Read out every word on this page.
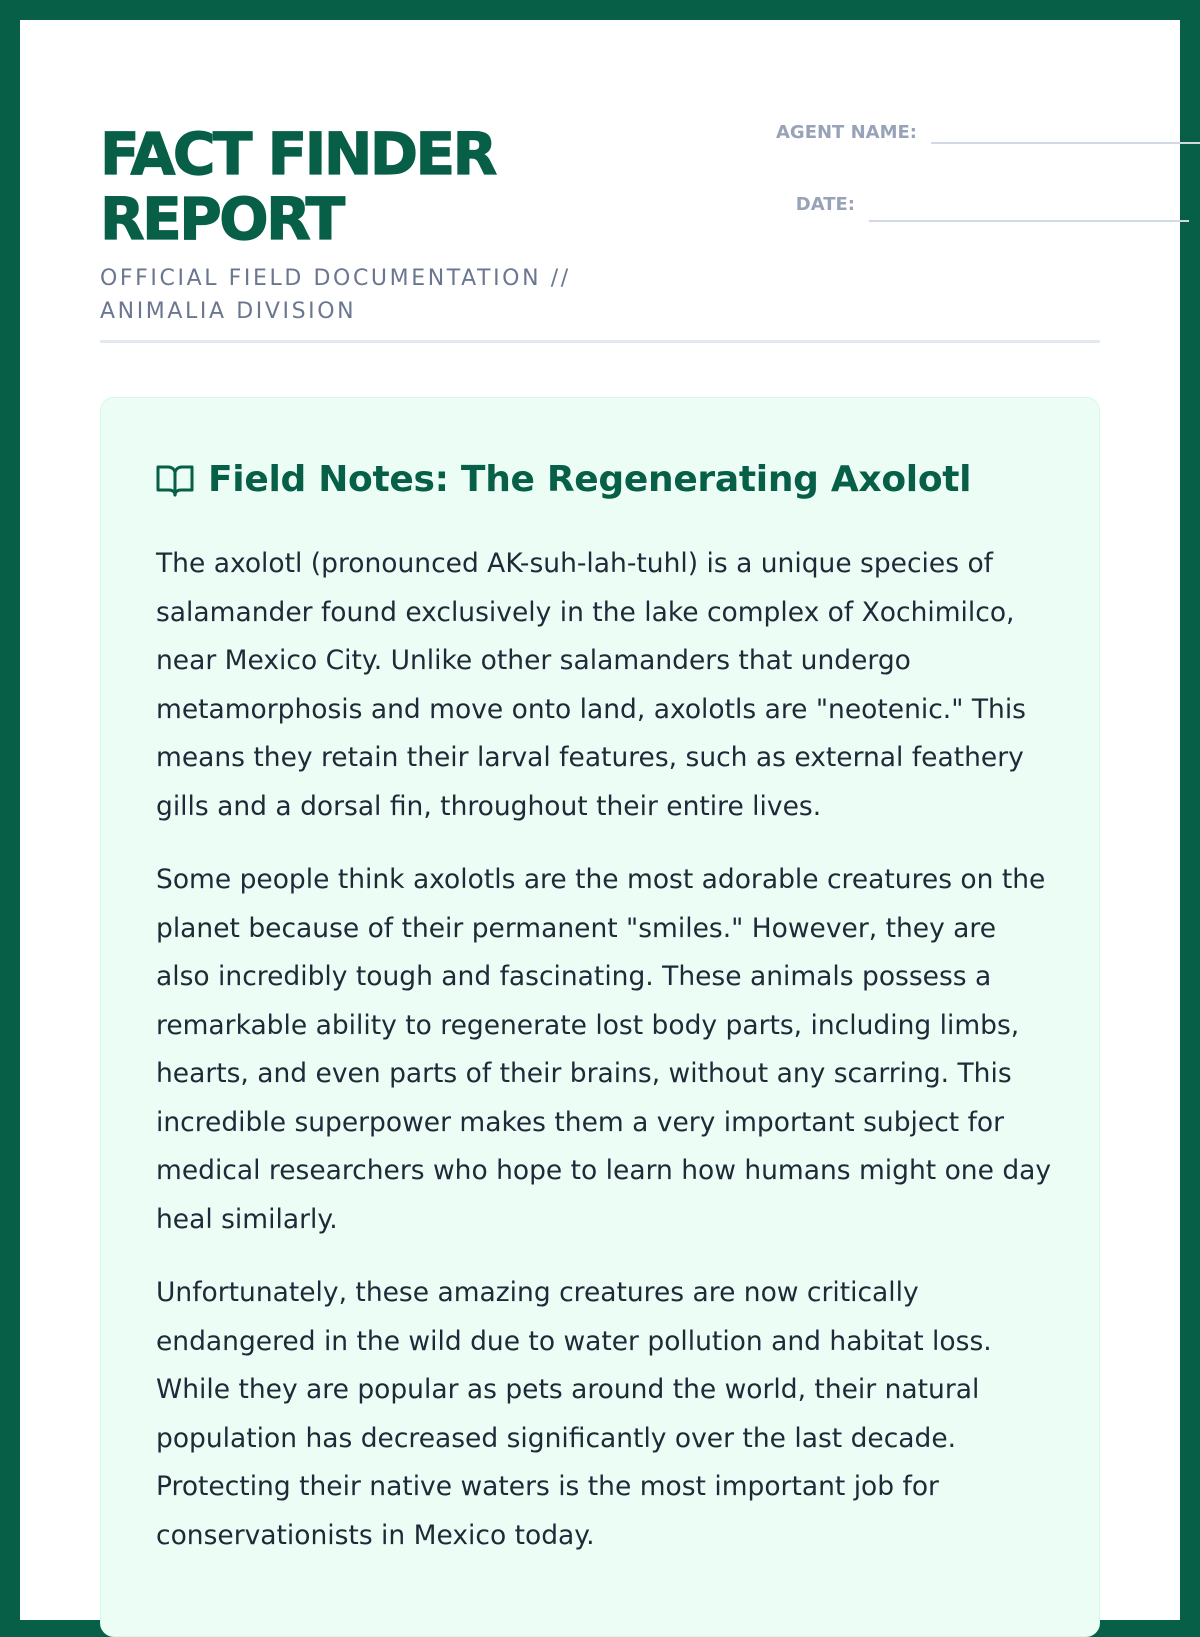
FACT FINDER REPORT

OFFICIAL FIELD DOCUMENTATION // ANIMALIA DIVISION

AGENT NAME:
DATE:
Field Notes: The Regenerating Axolotl

The axolotl (pronounced AK-suh-lah-tuhl) is a unique species of salamander found exclusively in the lake complex of Xochimilco, near Mexico City. Unlike other salamanders that undergo metamorphosis and move onto land, axolotls are "neotenic." This means they retain their larval features, such as external feathery gills and a dorsal fin, throughout their entire lives.

Some people think axolotls are the most adorable creatures on the planet because of their permanent "smiles." However, they are also incredibly tough and fascinating. These animals possess a remarkable ability to regenerate lost body parts, including limbs, hearts, and even parts of their brains, without any scarring. This incredible superpower makes them a very important subject for medical researchers who hope to learn how humans might one day heal similarly.

Unfortunately, these amazing creatures are now critically endangered in the wild due to water pollution and habitat loss. While they are popular as pets around the world, their natural population has decreased significantly over the last decade. Protecting their native waters is the most important job for conservationists in Mexico today.
